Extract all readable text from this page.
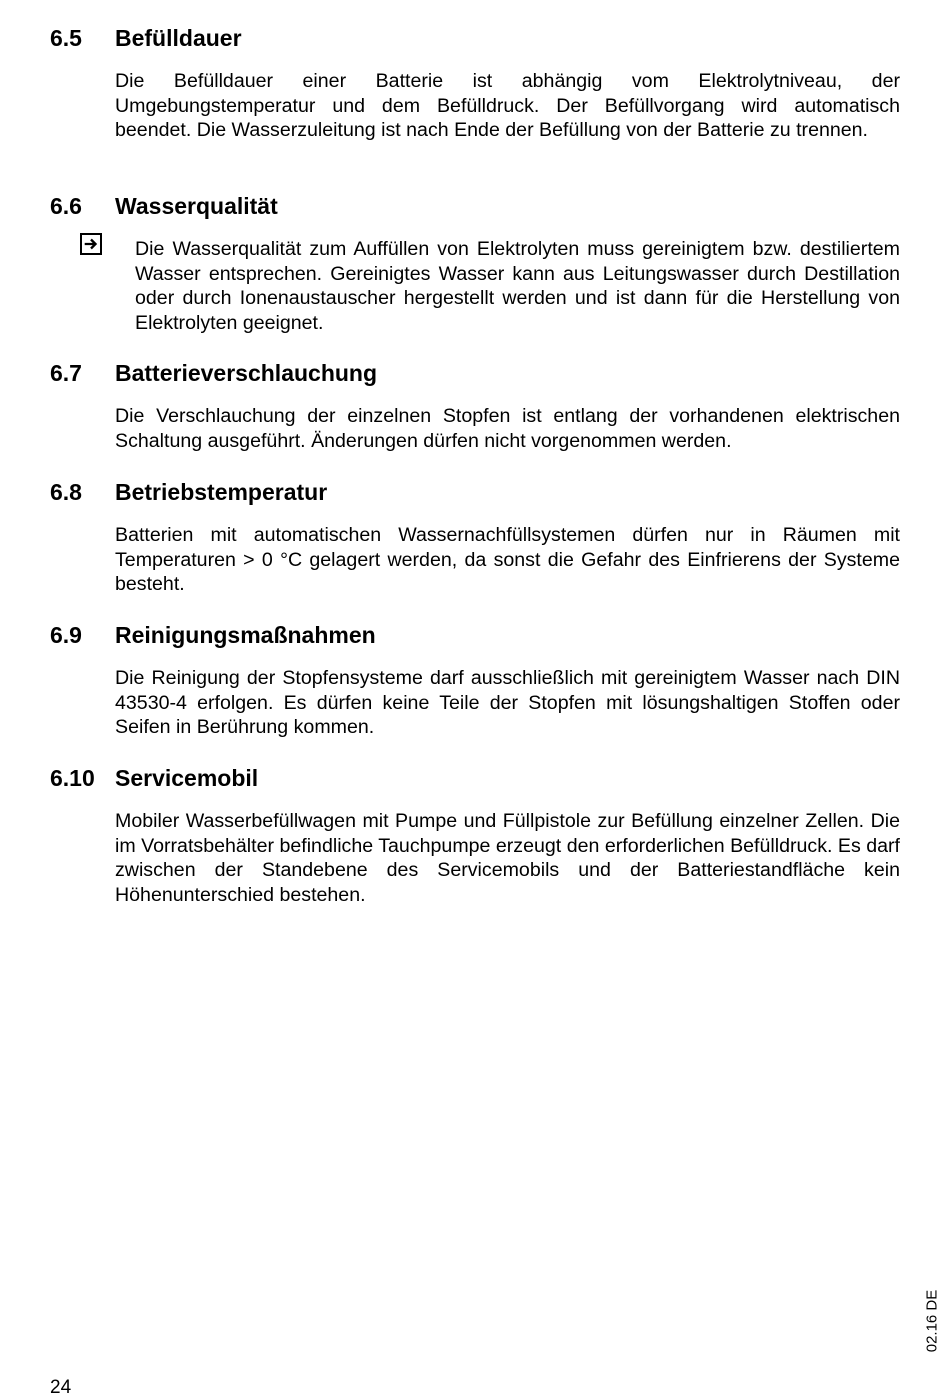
6.5 Befülldauer

Die Befülldauer einer Batterie ist abhängig vom Elektrolytniveau, der Umgebungstemperatur und dem Befülldruck. Der Befüllvorgang wird automatisch beendet. Die Wasserzuleitung ist nach Ende der Befüllung von der Batterie zu trennen.

6.6 Wasserqualität

Die Wasserqualität zum Auffüllen von Elektrolyten muss gereinigtem bzw. destiliertem Wasser entsprechen. Gereinigtes Wasser kann aus Leitungswasser durch Destillation oder durch Ionenaustauscher hergestellt werden und ist dann für die Herstellung von Elektrolyten geeignet.

6.7 Batterieverschlauchung

Die Verschlauchung der einzelnen Stopfen ist entlang der vorhandenen elektrischen Schaltung ausgeführt. Änderungen dürfen nicht vorgenommen werden.

6.8 Betriebstemperatur

Batterien mit automatischen Wassernachfüllsystemen dürfen nur in Räumen mit Temperaturen > 0 °C gelagert werden, da sonst die Gefahr des Einfrierens der Systeme besteht.

6.9 Reinigungsmaßnahmen

Die Reinigung der Stopfensysteme darf ausschließlich mit gereinigtem Wasser nach DIN 43530-4 erfolgen. Es dürfen keine Teile der Stopfen mit lösungshaltigen Stoffen oder Seifen in Berührung kommen.

6.10 Servicemobil

Mobiler Wasserbefüllwagen mit Pumpe und Füllpistole zur Befüllung einzelner Zellen. Die im Vorratsbehälter befindliche Tauchpumpe erzeugt den erforderlichen Befülldruck. Es darf zwischen der Standebene des Servicemobils und der Batteriestandfläche kein Höhenunterschied bestehen.

02.16 DE
24
